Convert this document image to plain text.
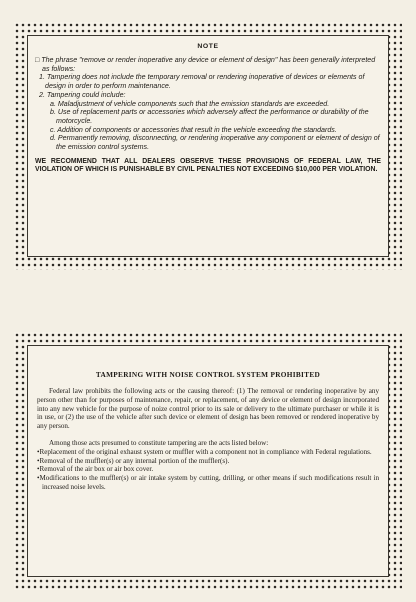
NOTE

□ The phrase "remove or render inoperative any device or element of design" has been generally interpreted as follows:

1. Tampering does not include the temporary removal or rendering inoperative of devices or elements of design in order to perform maintenance.

2. Tampering could include:

a. Maladjustment of vehicle components such that the emission standards are exceeded.

b. Use of replacement parts or accessories which adversely affect the performance or durability of the motorcycle.

c. Addition of components or accessories that result in the vehicle exceeding the standards.

d. Permanently removing, disconnecting, or rendering inoperative any component or element of design of the emission control systems.

WE RECOMMEND THAT ALL DEALERS OBSERVE THESE PROVISIONS OF FEDERAL LAW, THE VIOLATION OF WHICH IS PUNISHABLE BY CIVIL PENALTIES NOT EXCEEDING $10,000 PER VIOLATION.
TAMPERING WITH NOISE CONTROL SYSTEM PROHIBITED

Federal law prohibits the following acts or the causing thereof: (1) The removal or rendering inoperative by any person other than for purposes of maintenance, repair, or replacement, of any device or element of design incorporated into any new vehicle for the purpose of noize control prior to its sale or delivery to the ultimate purchaser or while it is in use, or (2) the use of the vehicle after such device or element of design has been removed or rendered inoperative by any person.

Among those acts presumed to constitute tampering are the acts listed below:

•Replacement of the original exhaust system or muffler with a component not in compliance with Federal regulations.

•Removal of the muffler(s) or any internal portion of the muffler(s).

•Removal of the air box or air box cover.

•Modifications to the muffler(s) or air intake system by cutting, drilling, or other means if such modifications result in increased noise levels.
